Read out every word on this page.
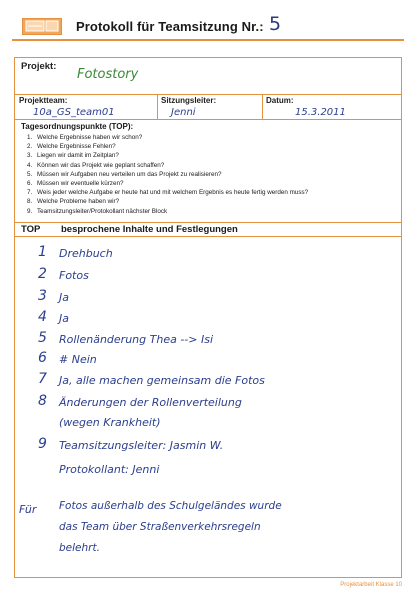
Protokoll für Teamsitzung Nr.: 5
Projekt:
Fotostory
Projektteam:
10a_GS_team01
Sitzungsleiter:
Jenni
Datum:
15.3.2011
Tagesordnungspunkte (TOP):
1. Welche Ergebnisse haben wir schon?
2. Welche Ergebnisse Fehlen?
3. Liegen wir damit im Zeitplan?
4. Können wir das Projekt wie geplant schaffen?
5. Müssen wir Aufgaben neu verteilen um das Projekt zu realisieren?
6. Müssen wir eventuelle kürzen?
7. Weis jeder welche Aufgabe er heute hat und mit welchem Ergebnis es heute fertig werden muss?
8. Welche Probleme haben wir?
9. Teamsitzungsleiter/Protokollant nächster Block
TOP besprochene Inhalte und Festlegungen
1 Drehbuch
2 Fotos
3 Ja
4 Ja
5 Rollenänderung Thea --> Isi
6 # Nein
7 Ja, alle machen gemeinsam die Fotos
8 Änderungen der Rollenverteilung
(wegen Krankheit)
9 Teamsitzungsleiter: Jasmin W.
Protokollant: Jenni
Für Fotos außerhalb des Schulgeländes wurde
das Team über Straßenverkehrsregeln
belehrt.
Projektarbeit Klasse 10
